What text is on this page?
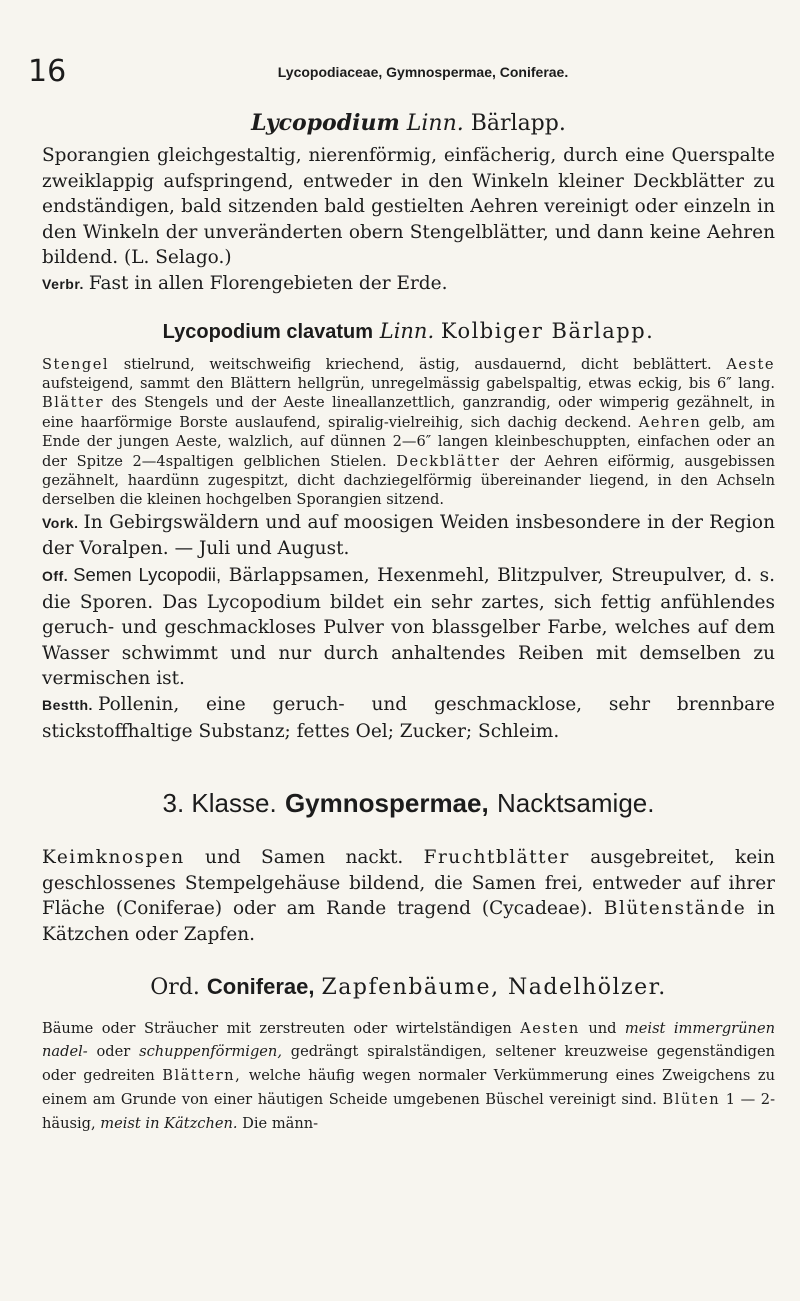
16	Lycopodiaceae, Gymnospermae, Coniferae.
Lycopodium Linn. Bärlapp.

Sporangien gleichgestaltig, nierenförmig, einfächerig, durch eine Querspalte zweiklappig aufspringend, entweder in den Winkeln kleiner Deckblätter zu endständigen, bald sitzenden bald gestielten Aehren vereinigt oder einzeln in den Winkeln der unveränderten obern Stengelblätter, und dann keine Aehren bildend. (L. Selago.)

Verbr. Fast in allen Florengebieten der Erde.

Lycopodium clavatum Linn. Kolbiger Bärlapp.

Stengel stielrund, weitschweifig kriechend, ästig, ausdauernd, dicht beblättert. Aeste aufsteigend, sammt den Blättern hellgrün, unregelmässig gabelspaltig, etwas eckig, bis 6″ lang. Blätter des Stengels und der Aeste lineallanzettlich, ganzrandig, oder wimperig gezähnelt, in eine haarförmige Borste auslaufend, spiralig-vielreihig, sich dachig deckend. Aehren gelb, am Ende der jungen Aeste, walzlich, auf dünnen 2—6″ langen kleinbeschuppten, einfachen oder an der Spitze 2—4spaltigen gelblichen Stielen. Deckblätter der Aehren eiförmig, ausgebissen gezähnelt, haardünn zugespitzt, dicht dachziegelförmig übereinander liegend, in den Achseln derselben die kleinen hochgelben Sporangien sitzend.

Vork. In Gebirgswäldern und auf moosigen Weiden insbesondere in der Region der Voralpen. — Juli und August.

Off. Semen Lycopodii, Bärlappsamen, Hexenmehl, Blitzpulver, Streupulver, d. s. die Sporen. Das Lycopodium bildet ein sehr zartes, sich fettig anfühlendes geruch- und geschmackloses Pulver von blassgelber Farbe, welches auf dem Wasser schwimmt und nur durch anhaltendes Reiben mit demselben zu vermischen ist.

Bestth. Pollenin, eine geruch- und geschmacklose, sehr brennbare stickstoffhaltige Substanz; fettes Oel; Zucker; Schleim.

3. Klasse. Gymnospermae, Nacktsamige.

Keimknospen und Samen nackt. Fruchtblätter ausgebreitet, kein geschlossenes Stempelgehäuse bildend, die Samen frei, entweder auf ihrer Fläche (Coniferae) oder am Rande tragend (Cycadeae). Blütenstände in Kätzchen oder Zapfen.

Ord. Coniferae, Zapfenbäume, Nadelhölzer.

Bäume oder Sträucher mit zerstreuten oder wirtelständigen Aesten und meist immergrünen nadel- oder schuppenförmigen, gedrängt spiralständigen, seltener kreuzweise gegenständigen oder gedreiten Blättern, welche häufig wegen normaler Verkümmerung eines Zweigchens zu einem am Grunde von einer häutigen Scheide umgebenen Büschel vereinigt sind. Blüten 1 — 2-häusig, meist in Kätzchen. Die männ-
